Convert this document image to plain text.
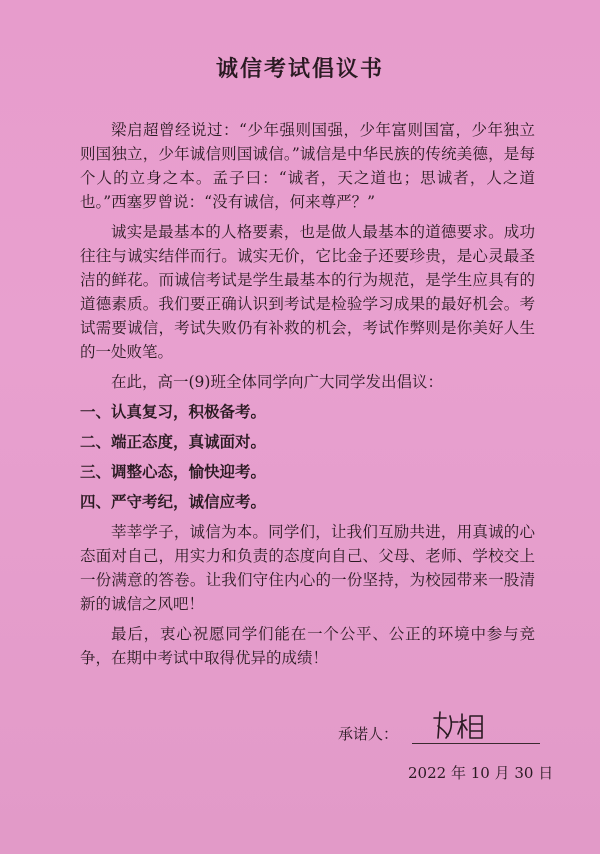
诚信考试倡议书

梁启超曾经说过：“少年强则国强，少年富则国富，少年独立则国独立，少年诚信则国诚信。”诚信是中华民族的传统美德，是每个人的立身之本。孟子曰：“诚者，天之道也；思诚者，人之道也。”西塞罗曾说：“没有诚信，何来尊严？”

诚实是最基本的人格要素，也是做人最基本的道德要求。成功往往与诚实结伴而行。诚实无价，它比金子还要珍贵，是心灵最圣洁的鲜花。而诚信考试是学生最基本的行为规范，是学生应具有的道德素质。我们要正确认识到考试是检验学习成果的最好机会。考试需要诚信，考试失败仍有补救的机会，考试作弊则是你美好人生的一处败笔。

在此，高一(9)班全体同学向广大同学发出倡议：

一、认真复习，积极备考。

二、端正态度，真诚面对。

三、调整心态，愉快迎考。

四、严守考纪，诚信应考。

莘莘学子，诚信为本。同学们，让我们互励共进，用真诚的心态面对自己，用实力和负责的态度向自己、父母、老师、学校交上一份满意的答卷。让我们守住内心的一份坚持，为校园带来一股清新的诚信之风吧！

最后，衷心祝愿同学们能在一个公平、公正的环境中参与竞争，在期中考试中取得优异的成绩！

承诺人：
2022 年 10 月 30 日
